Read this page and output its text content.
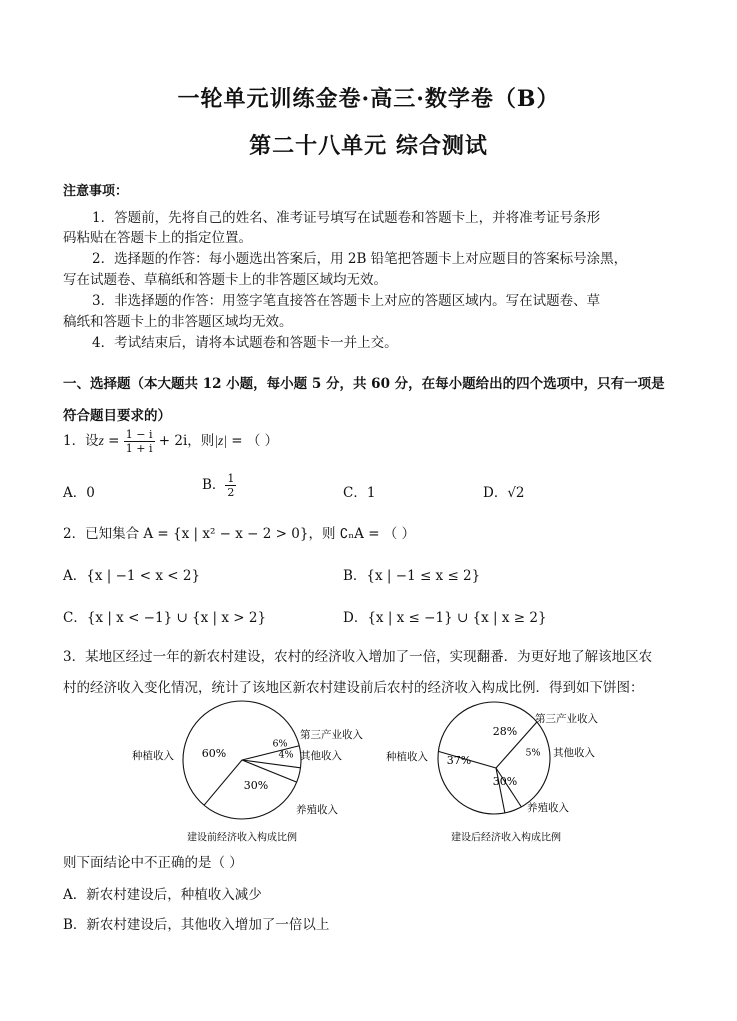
一轮单元训练金卷·高三·数学卷（B）
第二十八单元 综合测试
注意事项：
1．答题前，先将自己的姓名、准考证号填写在试题卷和答题卡上，并将准考证号条形
码粘贴在答题卡上的指定位置。
2．选择题的作答：每小题选出答案后，用 2B 铅笔把答题卡上对应题目的答案标号涂黑，
写在试题卷、草稿纸和答题卡上的非答题区域均无效。
3．非选择题的作答：用签字笔直接答在答题卡上对应的答题区域内。写在试题卷、草
稿纸和答题卡上的非答题区域均无效。
4．考试结束后，请将本试题卷和答题卡一并上交。
一、选择题（本大题共 12 小题，每小题 5 分，共 60 分，在每小题给出的四个选项中，只有一项是
符合题目要求的）
1．设$z = \frac{1 - i}{1 + i} + 2i$，则|z| = （ ）
A．0	B． $\frac{1}{2}$	C．1	D．√2
2．已知集合 A = {x | x² − x − 2 > 0}，则 ∁ₙA = （ ）
A．{x | −1 < x < 2}	B．{x | −1 ≤ x ≤ 2}
C．{x | x < −1} ∪ {x | x > 2}	D．{x | x ≤ −1} ∪ {x | x ≥ 2}
3．某地区经过一年的新农村建设，农村的经济收入增加了一倍，实现翻番．为更好地了解该地区农
村的经济收入变化情况，统计了该地区新农村建设前后农村的经济收入构成比例．得到如下饼图：
60%
6%
4%
30%
种植收入
第三产业收入
其他收入
养殖收入
建设前经济收入构成比例
37%
28%
5%
30%
种植收入
第三产业收入
其他收入
养殖收入
建设后经济收入构成比例
则下面结论中不正确的是（ ）
A．新农村建设后，种植收入减少
B．新农村建设后，其他收入增加了一倍以上
